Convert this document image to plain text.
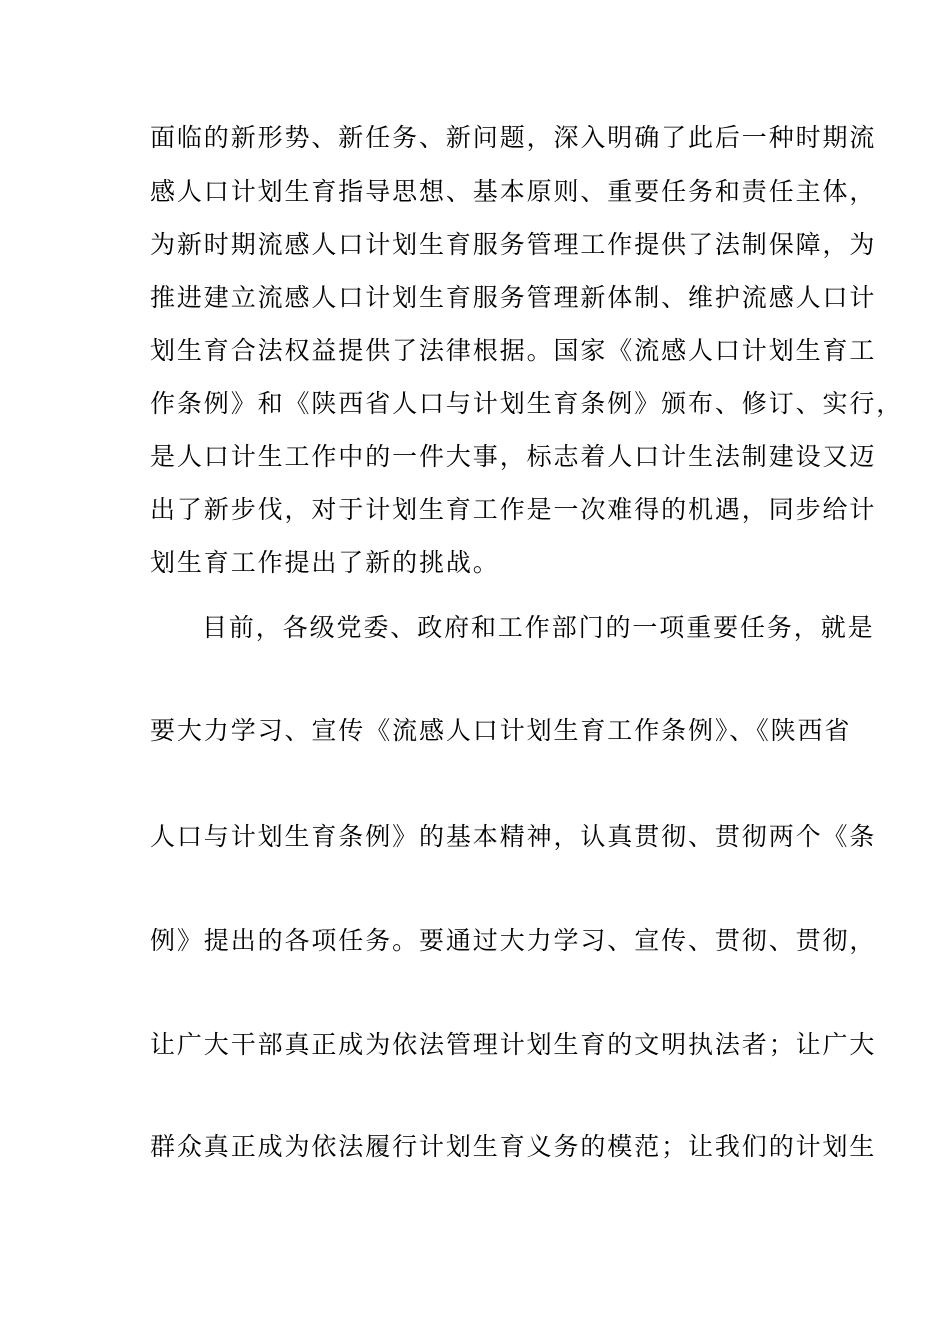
面临的新形势、新任务、新问题，深入明确了此后一种时期流
感人口计划生育指导思想、基本原则、重要任务和责任主体，
为新时期流感人口计划生育服务管理工作提供了法制保障，为
推进建立流感人口计划生育服务管理新体制、维护流感人口计
划生育合法权益提供了法律根据。国家《流感人口计划生育工
作条例》和《陕西省人口与计划生育条例》颁布、修订、实行，
是人口计生工作中的一件大事，标志着人口计生法制建设又迈
出了新步伐，对于计划生育工作是一次难得的机遇，同步给计
划生育工作提出了新的挑战。
目前，各级党委、政府和工作部门的一项重要任务，就是
要大力学习、宣传《流感人口计划生育工作条例》、《陕西省
人口与计划生育条例》的基本精神，认真贯彻、贯彻两个《条
例》提出的各项任务。要通过大力学习、宣传、贯彻、贯彻，
让广大干部真正成为依法管理计划生育的文明执法者；让广大
群众真正成为依法履行计划生育义务的模范；让我们的计划生
